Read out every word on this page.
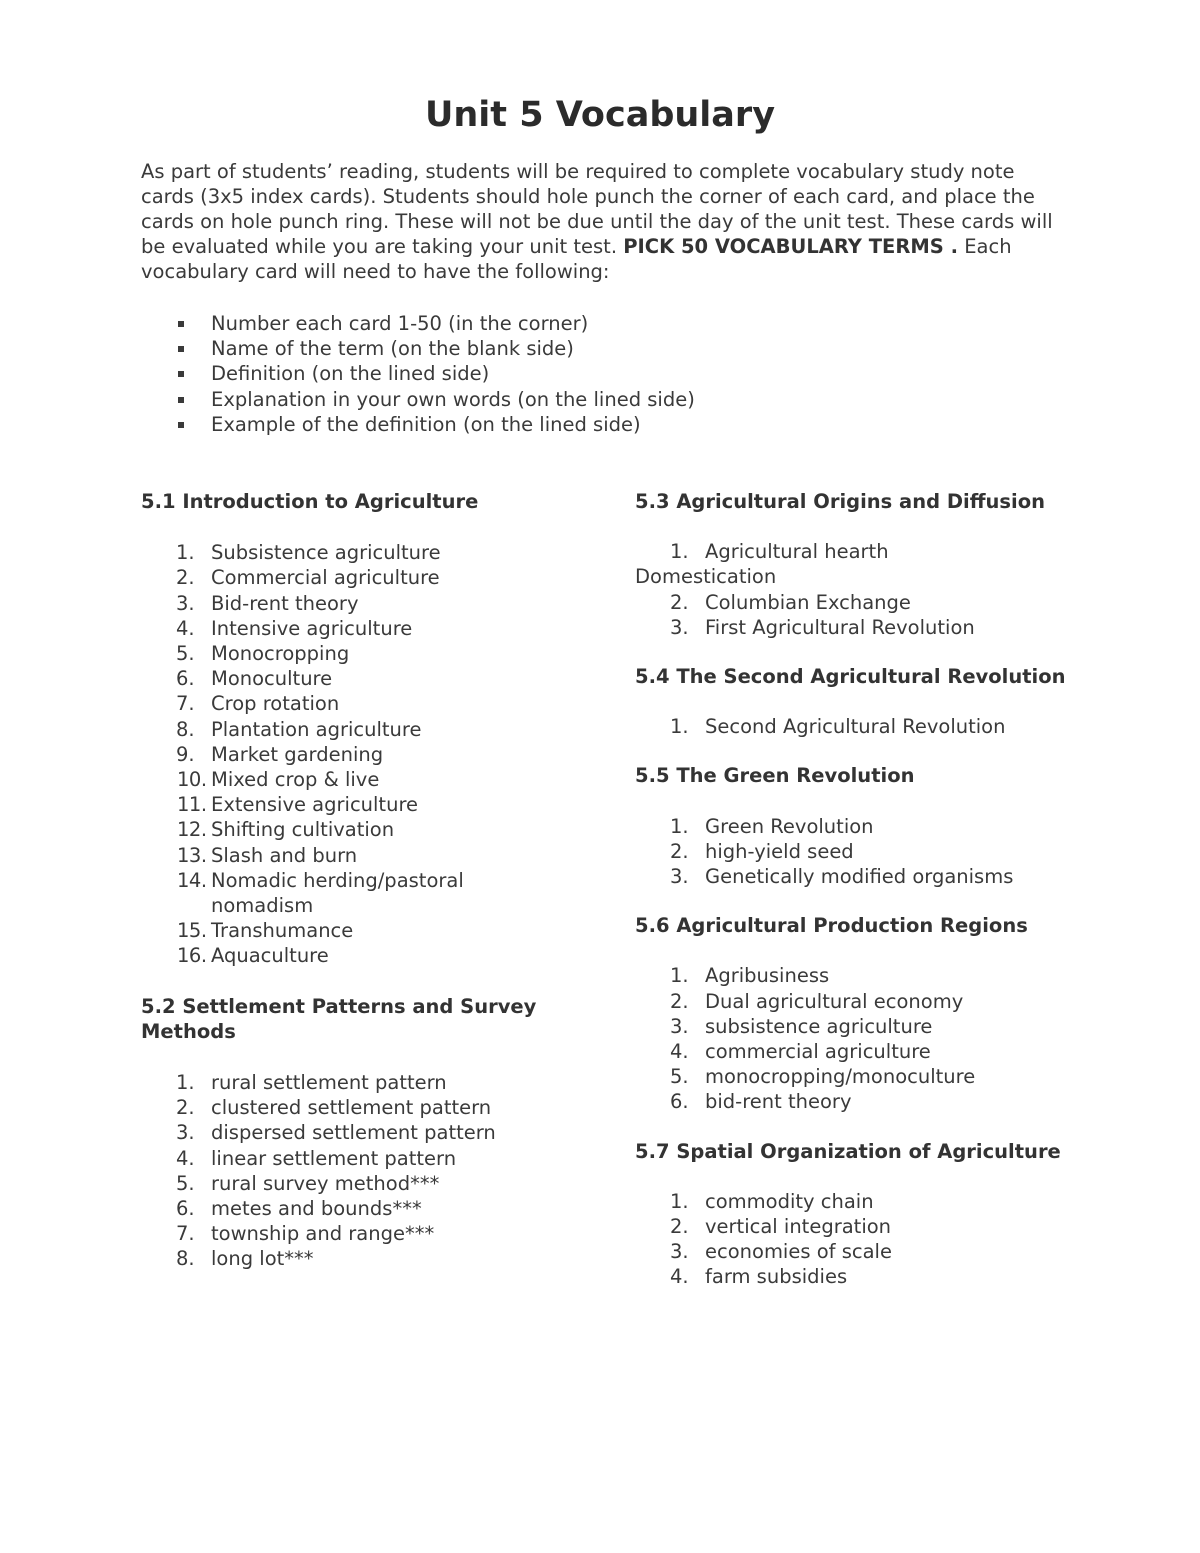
Unit 5 Vocabulary

As part of students’ reading, students will be required to complete vocabulary study note cards (3x5 index cards). Students should hole punch the corner of each card, and place the cards on hole punch ring. These will not be due until the day of the unit test. These cards will be evaluated while you are taking your unit test. PICK 50 VOCABULARY TERMS . Each vocabulary card will need to have the following:

Number each card 1-50 (in the corner)
Name of the term (on the blank side)
Definition (on the lined side)
Explanation in your own words (on the lined side)
Example of the definition (on the lined side)

5.1 Introduction to Agriculture

1. Subsistence agriculture
2. Commercial agriculture
3. Bid-rent theory
4. Intensive agriculture
5. Monocropping
6. Monoculture
7. Crop rotation
8. Plantation agriculture
9. Market gardening
10. Mixed crop & live
11. Extensive agriculture
12. Shifting cultivation
13. Slash and burn
14. Nomadic herding/pastoral nomadism
15. Transhumance
16. Aquaculture

5.2 Settlement Patterns and Survey Methods

1. rural settlement pattern
2. clustered settlement pattern
3. dispersed settlement pattern
4. linear settlement pattern
5. rural survey method***
6. metes and bounds***
7. township and range***
8. long lot***

5.3 Agricultural Origins and Diffusion

1. Agricultural hearth

Domestication

2. Columbian Exchange
3. First Agricultural Revolution

5.4 The Second Agricultural Revolution

1. Second Agricultural Revolution

5.5 The Green Revolution

1. Green Revolution
2. high-yield seed
3. Genetically modified organisms

5.6 Agricultural Production Regions

1. Agribusiness
2. Dual agricultural economy
3. subsistence agriculture
4. commercial agriculture
5. monocropping/monoculture
6. bid-rent theory

5.7 Spatial Organization of Agriculture

1. commodity chain
2. vertical integration
3. economies of scale
4. farm subsidies
